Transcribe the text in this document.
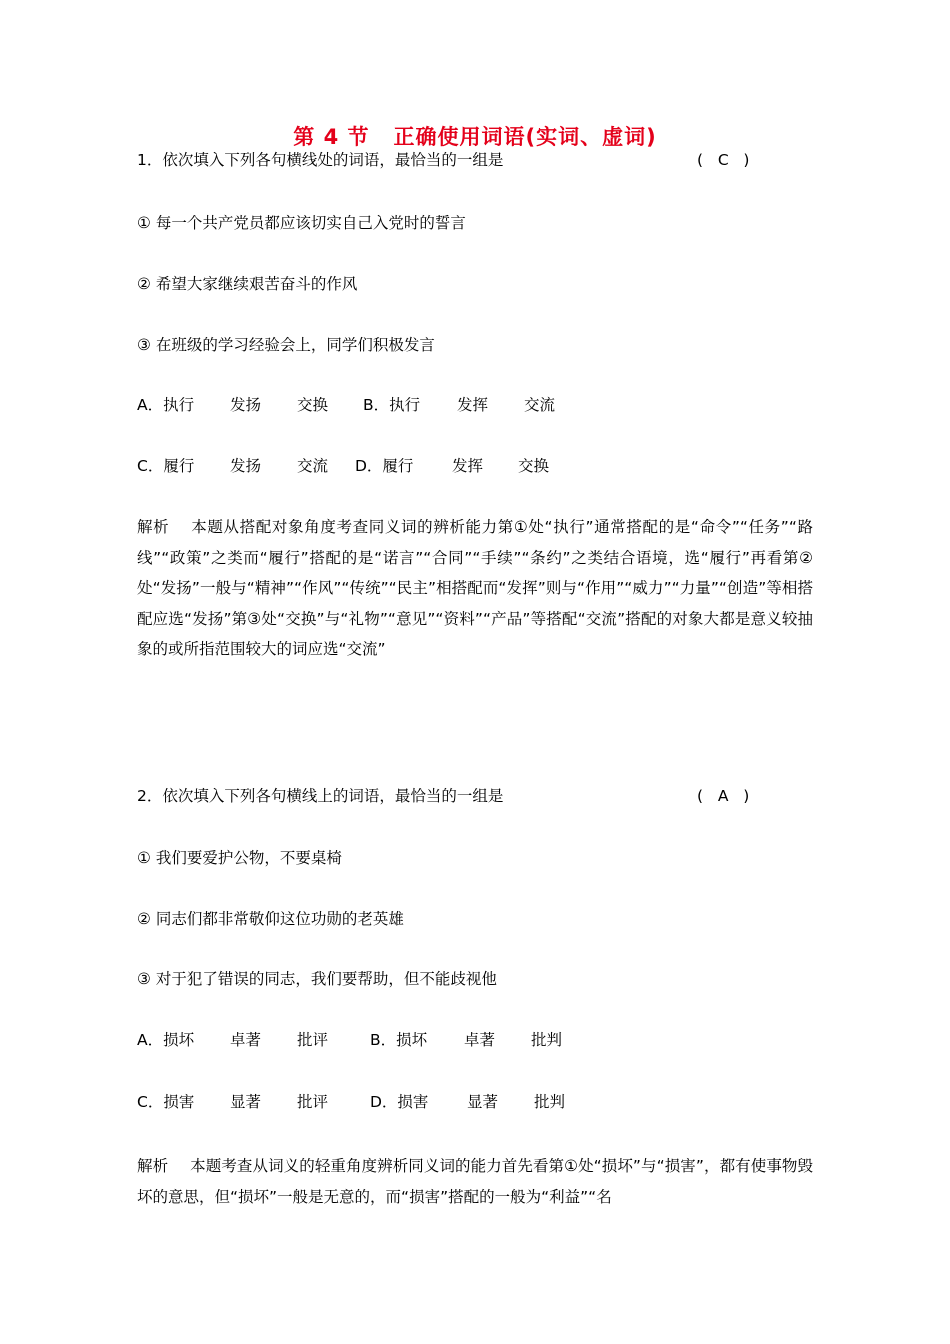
第 4 节 正确使用词语(实词、虚词)
1．依次填入下列各句横线处的词语，最恰当的一组是	(   C   )
① 每一个共产党员都应该切实自己入党时的誓言
② 希望大家继续艰苦奋斗的作风
③ 在班级的学习经验会上，同学们积极发言
A．执行 发扬 交换 B．执行 发挥 交流
C．履行 发扬 交流 D．履行 发挥 交换
解析 本题从搭配对象角度考查同义词的辨析能力第①处“执行”通常搭配的是“命令”“任务”“路线”“政策”之类而“履行”搭配的是“诺言”“合同”“手续”“条约”之类结合语境，选“履行”再看第②处“发扬”一般与“精神”“作风”“传统”“民主”相搭配而“发挥”则与“作用”“威力”“力量”“创造”等相搭配应选“发扬”第③处“交换”与“礼物”“意见”“资料”“产品”等搭配“交流”搭配的对象大都是意义较抽象的或所指范围较大的词应选“交流”
2．依次填入下列各句横线上的词语，最恰当的一组是	(   A   )
① 我们要爱护公物，不要桌椅
② 同志们都非常敬仰这位功勋的老英雄
③ 对于犯了错误的同志，我们要帮助，但不能歧视他
A．损坏 卓著 批评	B．损坏 卓著 批判
C．损害 显著 批评	D．损害 显著 批判
解析 本题考查从词义的轻重角度辨析同义词的能力首先看第①处“损坏”与“损害”，都有使事物毁坏的意思，但“损坏”一般是无意的，而“损害”搭配的一般为“利益”“名
